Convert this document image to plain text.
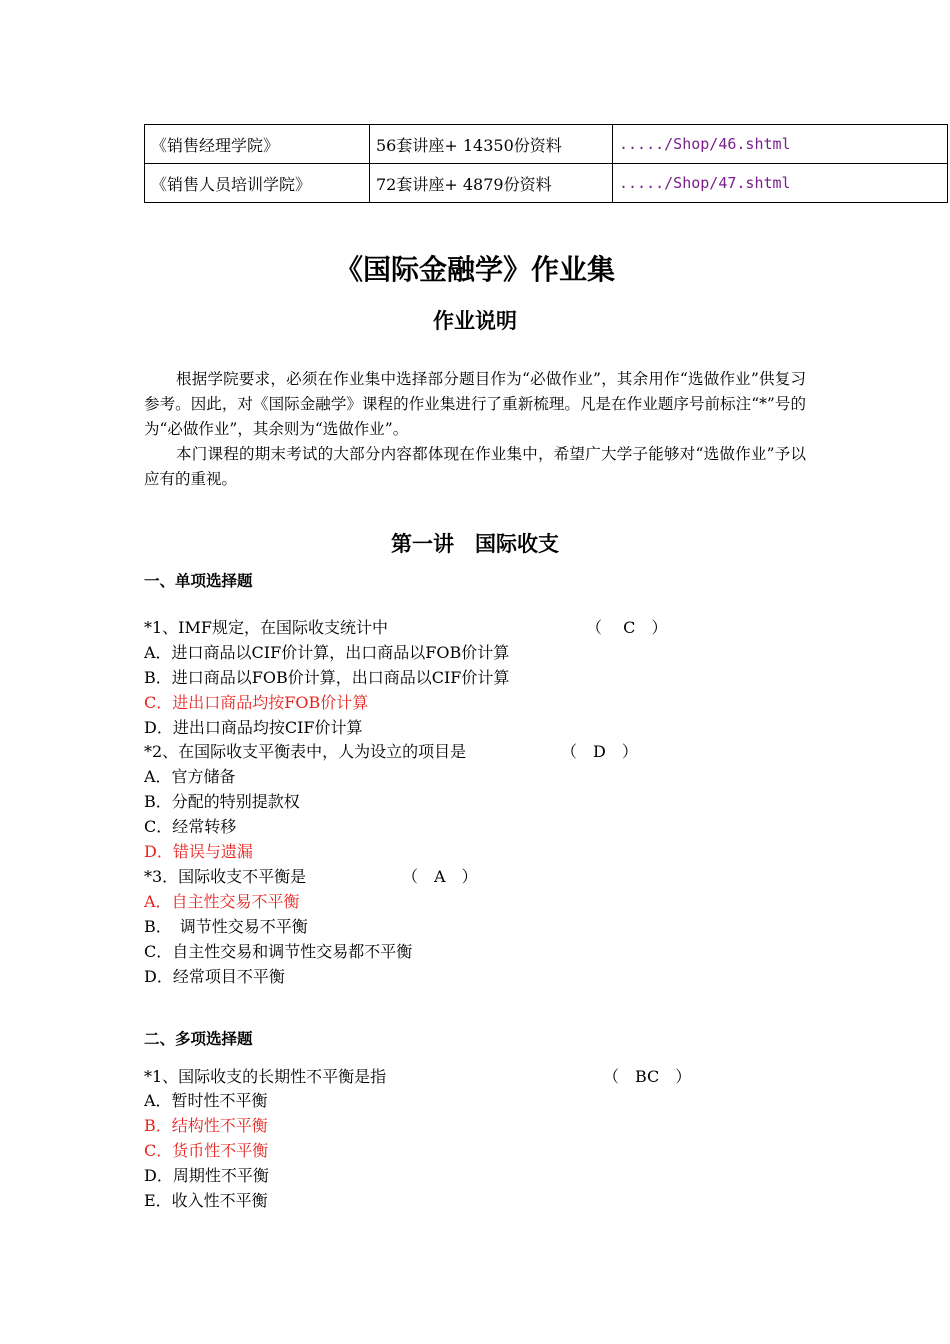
《销售经理学院》	56套讲座+ 14350份资料	...../Shop/46.shtml
《销售人员培训学院》	72套讲座+ 4879份资料	...../Shop/47.shtml
《国际金融学》作业集
作业说明

根据学院要求，必须在作业集中选择部分题目作为“必做作业”，其余用作“选做作业”供复习参考。因此，对《国际金融学》课程的作业集进行了重新梳理。凡是在作业题序号前标注“*”号的为“必做作业”，其余则为“选做作业”。

本门课程的期末考试的大部分内容都体现在作业集中，希望广大学子能够对“选做作业”予以应有的重视。

第一讲　国际收支
一、单项选择题
*1、IMF规定，在国际收支统计中	（　 C　）
A．进口商品以CIF价计算，出口商品以FOB价计算
B．进口商品以FOB价计算，出口商品以CIF价计算
C．进出口商品均按FOB价计算
D．进出口商品均按CIF价计算
*2、在国际收支平衡表中，人为设立的项目是	（　D　）
A．官方储备
B．分配的特别提款权
C．经常转移
D．错误与遗漏
*3．国际收支不平衡是	（　A　）
A．自主性交易不平衡
B．　调节性交易不平衡
C．自主性交易和调节性交易都不平衡
D．经常项目不平衡
二、多项选择题
*1、国际收支的长期性不平衡是指	（　BC　）
A．暂时性不平衡
B．结构性不平衡
C．货币性不平衡
D．周期性不平衡
E．收入性不平衡
